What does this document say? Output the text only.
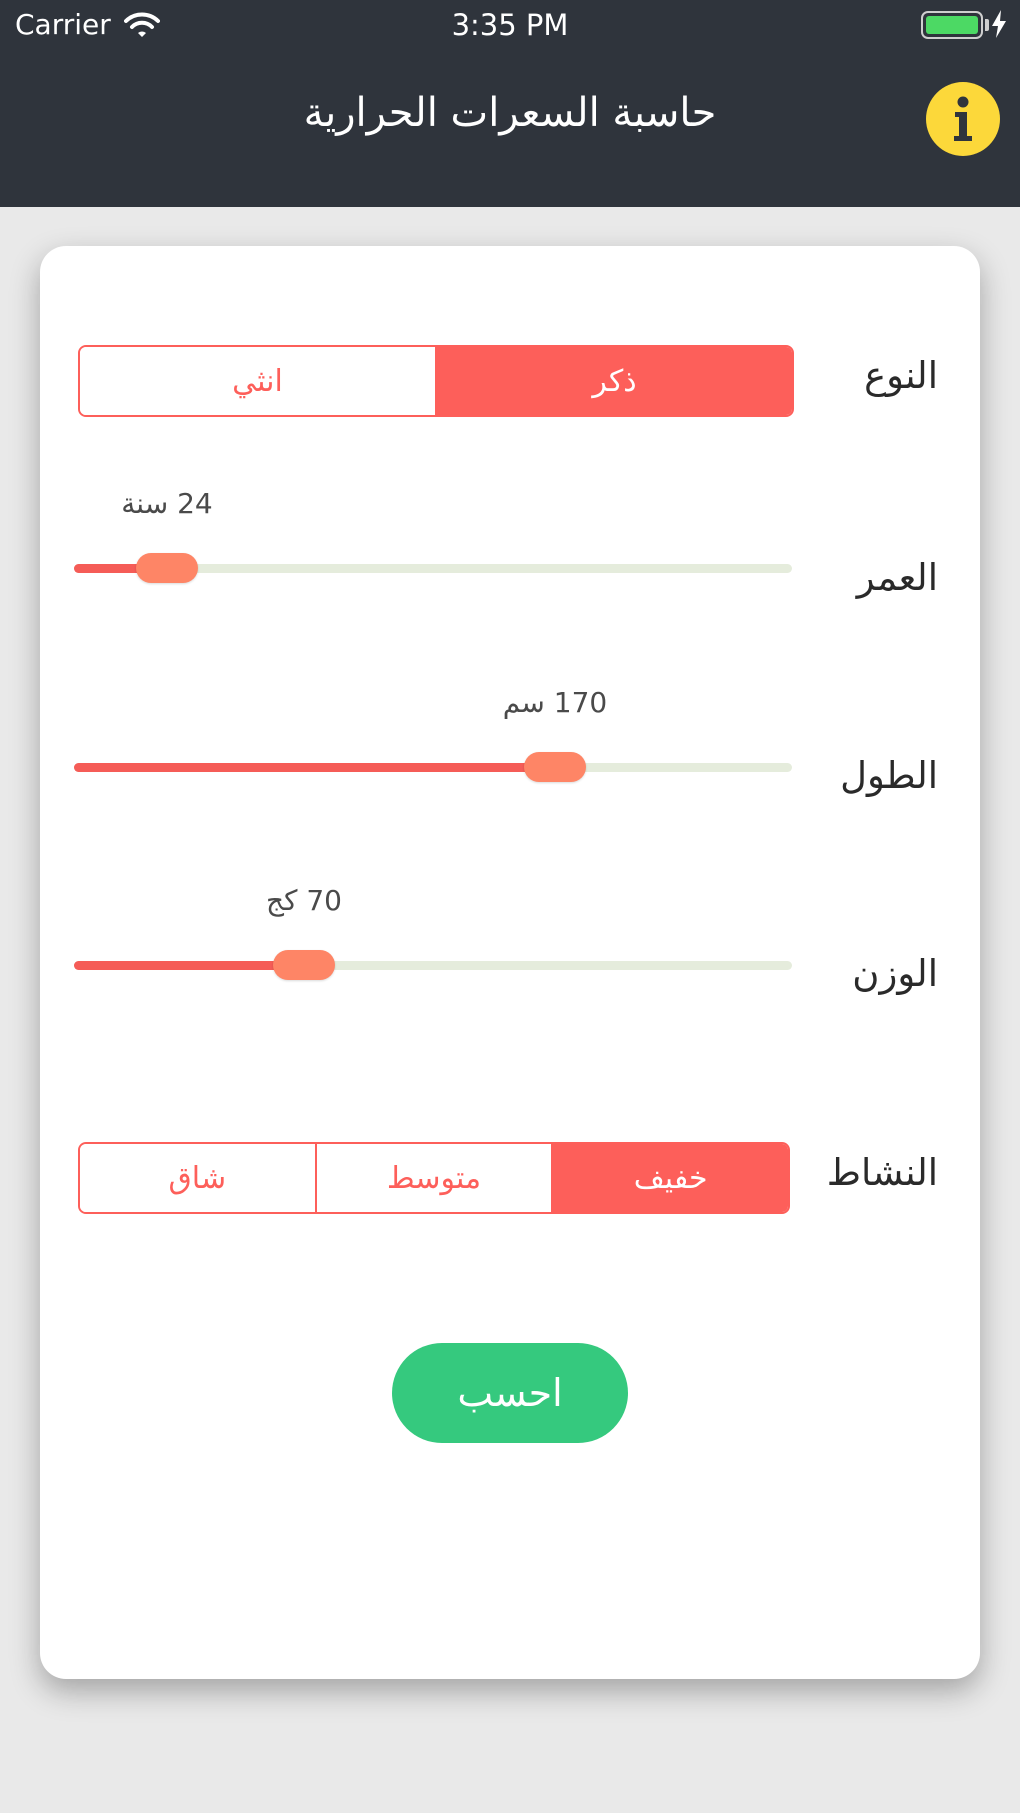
Carrier	3:35 PM
حاسبة السعرات الحرارية
النوع
ذكر
انثي
العمر
24 سنة
الطول
170 سم
الوزن
70 كج
النشاط
خفيف
متوسط
شاق
احسب
